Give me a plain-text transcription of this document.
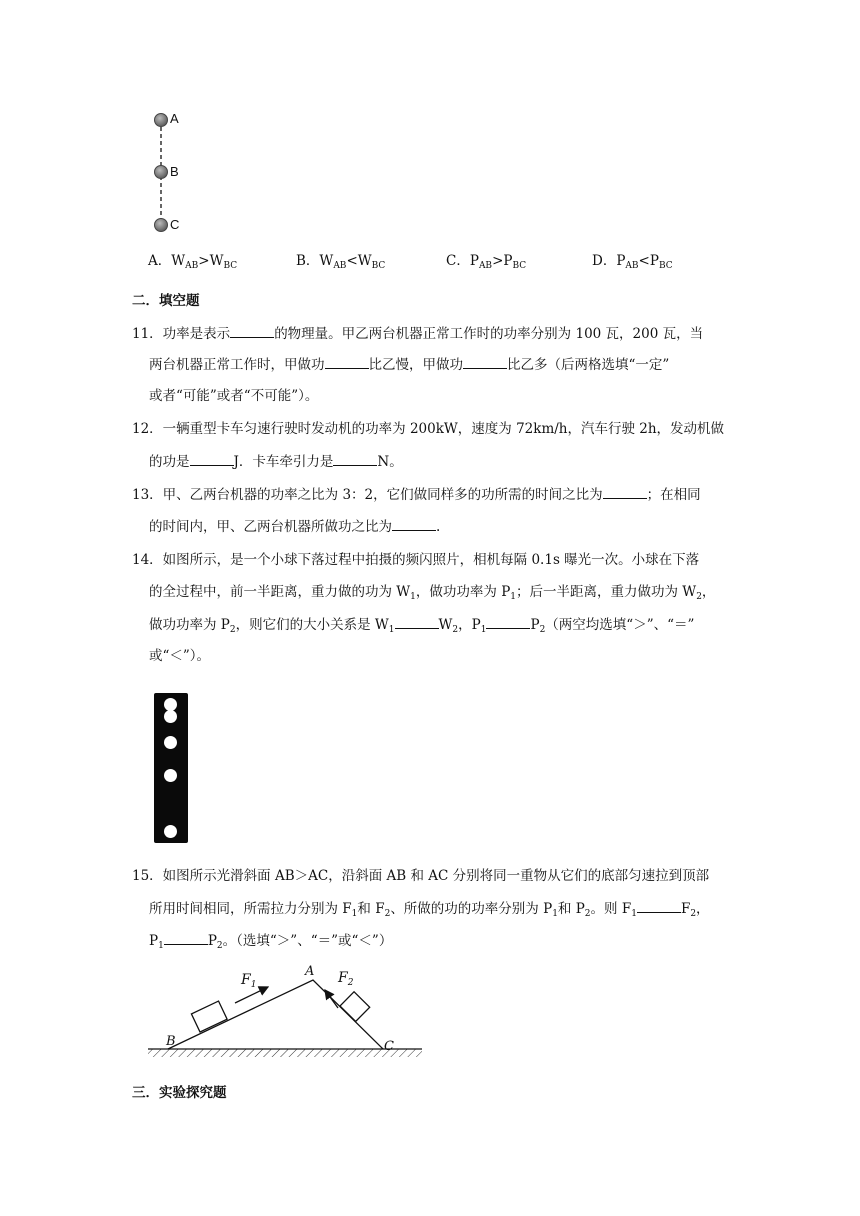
A
B
C
A．$W_{AB}>W_{BC}$	B．$W_{AB}<W_{BC}$	C．$P_{AB}>P_{BC}$	D．$P_{AB}<P_{BC}$
二．填空题
11．功率是表示	的物理量。甲乙两台机器正常工作时的功率分别为 100 瓦，200 瓦，当
两台机器正常工作时，甲做功	比乙慢，甲做功	比乙多（后两格选填“一定”
或者“可能”或者“不可能”）。
12．一辆重型卡车匀速行驶时发动机的功率为 200kW，速度为 72km/h，汽车行驶 2h，发动机做
的功是	J．卡车牵引力是	N。
13．甲、乙两台机器的功率之比为 3：2，它们做同样多的功所需的时间之比为	；在相同
的时间内，甲、乙两台机器所做功之比为	.
14．如图所示，是一个小球下落过程中拍摄的频闪照片，相机每隔 0.1s 曝光一次。小球在下落
的全过程中，前一半距离，重力做的功为 $W_1$，做功功率为 $P_1$；后一半距离，重力做功为 $W_2$，
做功功率为 $P_2$，则它们的大小关系是 $W_1$	$W_2$，$P_1$	$P_2$（两空均选填“＞”、“＝”
或“＜”）。
15．如图所示光滑斜面 AB＞AC，沿斜面 AB 和 AC 分别将同一重物从它们的底部匀速拉到顶部
所用时间相同，所需拉力分别为 $F_1$和 $F_2$、所做的功的功率分别为 $P_1$和 $P_2$。则 $F_1$	$F_2$，
$P_1$	$P_2$。（选填“＞”、“＝”或“＜”）
$F_1$	$F_2$
A
B	C
三．实验探究题
